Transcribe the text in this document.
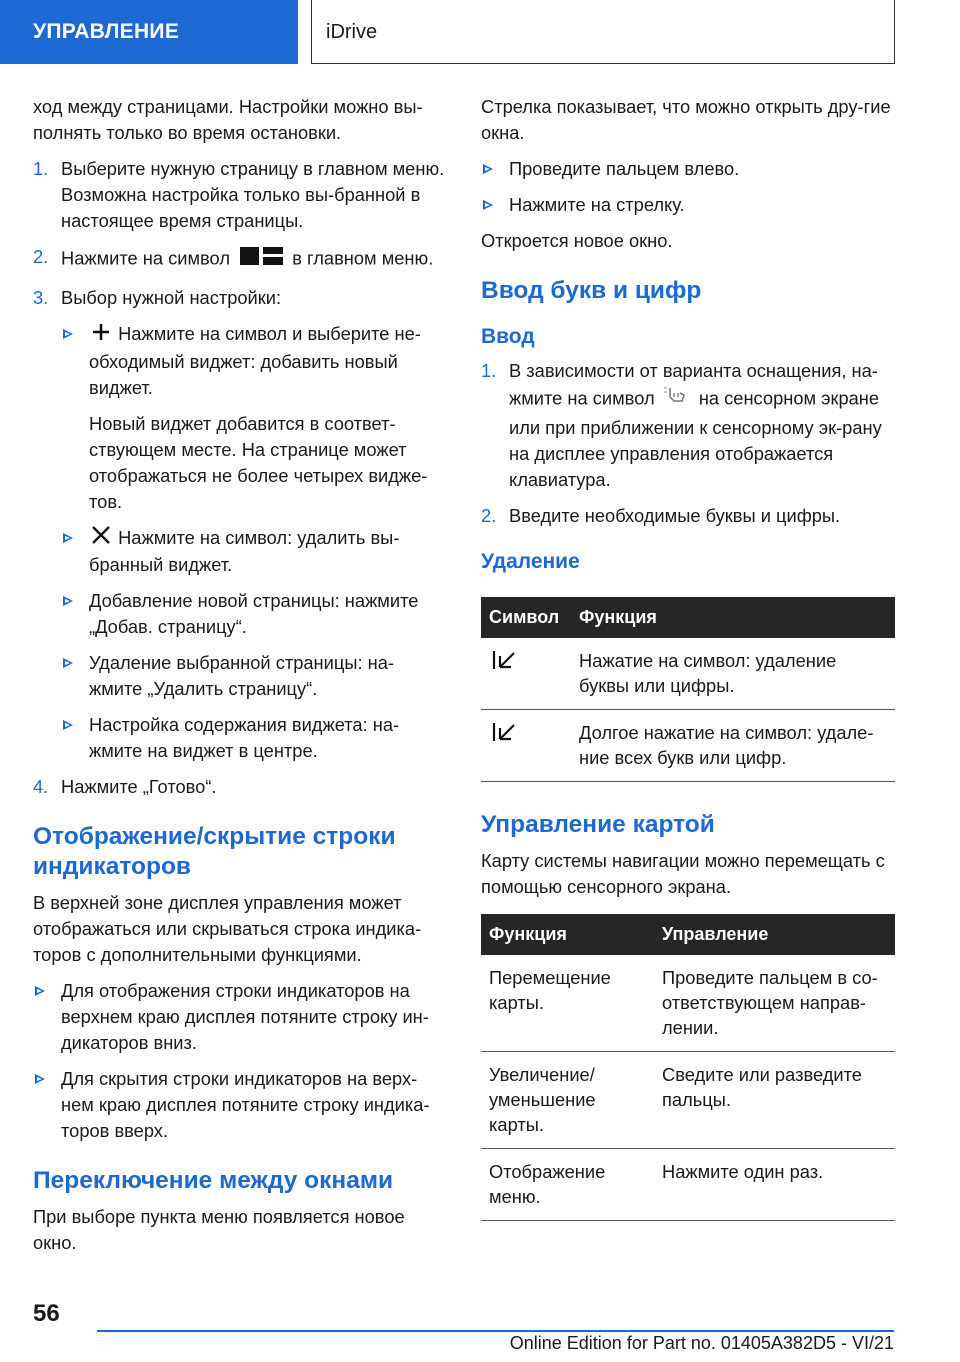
УПРАВЛЕНИЕ	iDrive

ход между страницами. Настройки можно вы-полнять только во время остановки.

1. Выберите нужную страницу в главном меню. Возможна настройка только вы-бранной в настоящее время страницы.
2. Нажмите на символ	в главном меню.
3. Выбор нужной настройки:
Нажмите на символ и выберите не-обходимый виджет: добавить новый виджет.

Новый виджет добавится в соответ-ствующем месте. На странице может отображаться не более четырех видже-тов.

Нажмите на символ: удалить вы-бранный виджет.
Добавление новой страницы: нажмите „Добав. страницу“.
Удаление выбранной страницы: на-жмите „Удалить страницу“.
Настройка содержания виджета: на-жмите на виджет в центре.
4. Нажмите „Готово“.
Отображение/скрытие строки индикаторов

В верхней зоне дисплея управления может отображаться или скрываться строка индика-торов с дополнительными функциями.

Для отображения строки индикаторов на верхнем краю дисплея потяните строку ин-дикаторов вниз.
Для скрытия строки индикаторов на верх-нем краю дисплея потяните строку индика-торов вверх.
Переключение между окнами

При выборе пункта меню появляется новое окно.

Стрелка показывает, что можно открыть дру-гие окна.

Проведите пальцем влево.
Нажмите на стрелку.

Откроется новое окно.

Ввод букв и цифр
Ввод
1. В зависимости от варианта оснащения, на-жмите на символ на сенсорном экране или при приближении к сенсорному эк-рану на дисплее управления отображается клавиатура.
2. Введите необходимые буквы и цифры.
Удаление
Символ	Функция
	Нажатие на символ: удаление буквы или цифры.
	Долгое нажатие на символ: удале-ние всех букв или цифр.
Управление картой

Карту системы навигации можно перемещать с помощью сенсорного экрана.

Функция	Управление
Перемещение карты.	Проведите пальцем в со-ответствующем направ-лении.
Увеличение/ уменьшение карты.	Сведите или разведите пальцы.
Отображение меню.	Нажмите один раз.
56
Online Edition for Part no. 01405A382D5 - VI/21
